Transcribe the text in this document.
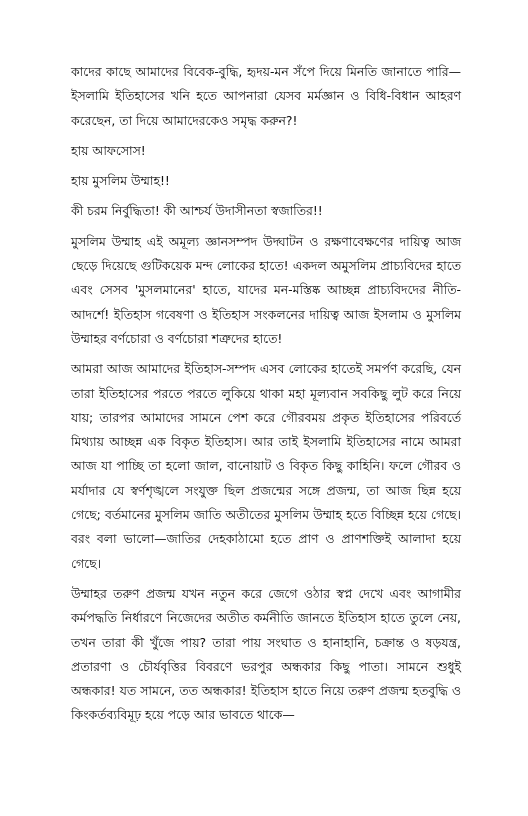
কাদের কাছে আমাদের বিবেক-বুদ্ধি, হৃদয়-মন সঁপে দিয়ে মিনতি জানাতে পারি—ইসলামি ইতিহাসের খনি হতে আপনারা যেসব মর্মজ্ঞান ও বিধি-বিধান আহরণ করেছেন, তা দিয়ে আমাদেরকেও সমৃদ্ধ করুন?!

হায় আফসোস!

হায় মুসলিম উম্মাহ!!

কী চরম নির্বুদ্ধিতা! কী আশ্চর্য উদাসীনতা স্বজাতির!!

মুসলিম উম্মাহ এই অমূল্য জ্ঞানসম্পদ উদ্ঘাটন ও রক্ষণাবেক্ষণের দায়িত্ব আজ ছেড়ে দিয়েছে গুটিকয়েক মন্দ লোকের হাতে! একদল অমুসলিম প্রাচ্যবিদের হাতে এবং সেসব 'মুসলমানের' হাতে, যাদের মন-মস্তিষ্ক আচ্ছন্ন প্রাচ্যবিদদের নীতি-আদর্শে! ইতিহাস গবেষণা ও ইতিহাস সংকলনের দায়িত্ব আজ ইসলাম ও মুসলিম উম্মাহর বর্ণচোরা ও বর্ণচোরা শত্রুদের হাতে!

আমরা আজ আমাদের ইতিহাস-সম্পদ এসব লোকের হাতেই সমর্পণ করেছি, যেন তারা ইতিহাসের পরতে পরতে লুকিয়ে থাকা মহা মূল্যবান সবকিছু লুট করে নিয়ে যায়; তারপর আমাদের সামনে পেশ করে গৌরবময় প্রকৃত ইতিহাসের পরিবর্তে মিথ্যায় আচ্ছন্ন এক বিকৃত ইতিহাস। আর তাই ইসলামি ইতিহাসের নামে আমরা আজ যা পাচ্ছি তা হলো জাল, বানোয়াট ও বিকৃত কিছু কাহিনি। ফলে গৌরব ও মর্যাদার যে স্বর্ণশৃঙ্খলে সংযুক্ত ছিল প্রজন্মের সঙ্গে প্রজন্ম, তা আজ ছিন্ন হয়ে গেছে; বর্তমানের মুসলিম জাতি অতীতের মুসলিম উম্মাহ হতে বিচ্ছিন্ন হয়ে গেছে। বরং বলা ভালো—জাতির দেহকাঠামো হতে প্রাণ ও প্রাণশক্তিই আলাদা হয়ে গেছে।

উম্মাহর তরুণ প্রজন্ম যখন নতুন করে জেগে ওঠার স্বপ্ন দেখে এবং আগামীর কর্মপদ্ধতি নির্ধারণে নিজেদের অতীত কর্মনীতি জানতে ইতিহাস হাতে তুলে নেয়, তখন তারা কী খুঁজে পায়? তারা পায় সংঘাত ও হানাহানি, চক্রান্ত ও ষড়যন্ত্র, প্রতারণা ও চৌর্যবৃত্তির বিবরণে ভরপুর অন্ধকার কিছু পাতা। সামনে শুধুই অন্ধকার! যত সামনে, তত অন্ধকার! ইতিহাস হাতে নিয়ে তরুণ প্রজন্ম হতবুদ্ধি ও কিংকর্তব্যবিমূঢ় হয়ে পড়ে আর ভাবতে থাকে—
